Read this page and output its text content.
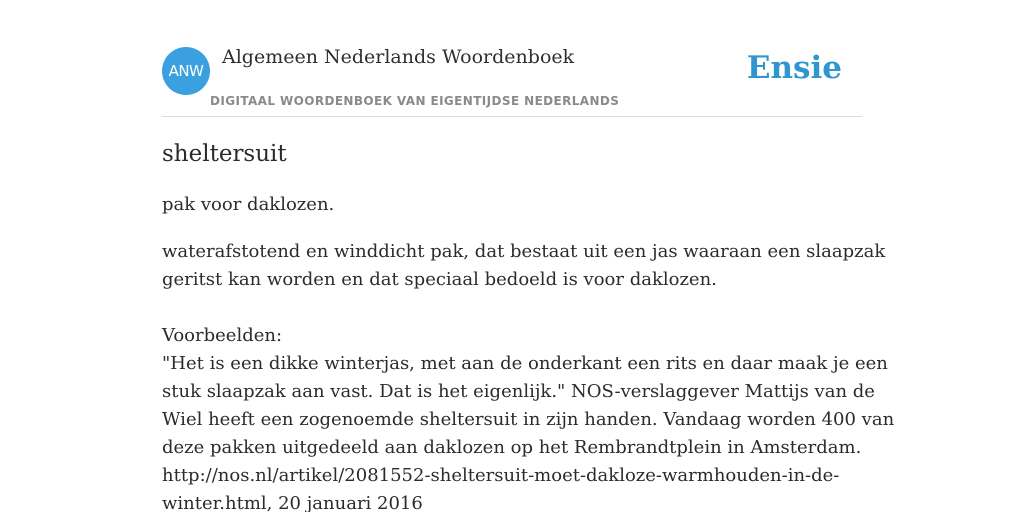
ANW
Algemeen Nederlands Woordenboek
DIGITAAL WOORDENBOEK VAN EIGENTIJDSE NEDERLANDS
Ensie
sheltersuit

pak voor daklozen.

waterafstotend en winddicht pak, dat bestaat uit een jas waaraan een slaapzak
geritst kan worden en dat speciaal bedoeld is voor daklozen.

Voorbeelden:
"Het is een dikke winterjas, met aan de onderkant een rits en daar maak je een
stuk slaapzak aan vast. Dat is het eigenlijk." NOS-verslaggever Mattijs van de
Wiel heeft een zogenoemde sheltersuit in zijn handen. Vandaag worden 400 van
deze pakken uitgedeeld aan daklozen op het Rembrandtplein in Amsterdam.
http://nos.nl/artikel/2081552-sheltersuit-moet-dakloze-warmhouden-in-de-
winter.html, 20 januari 2016
